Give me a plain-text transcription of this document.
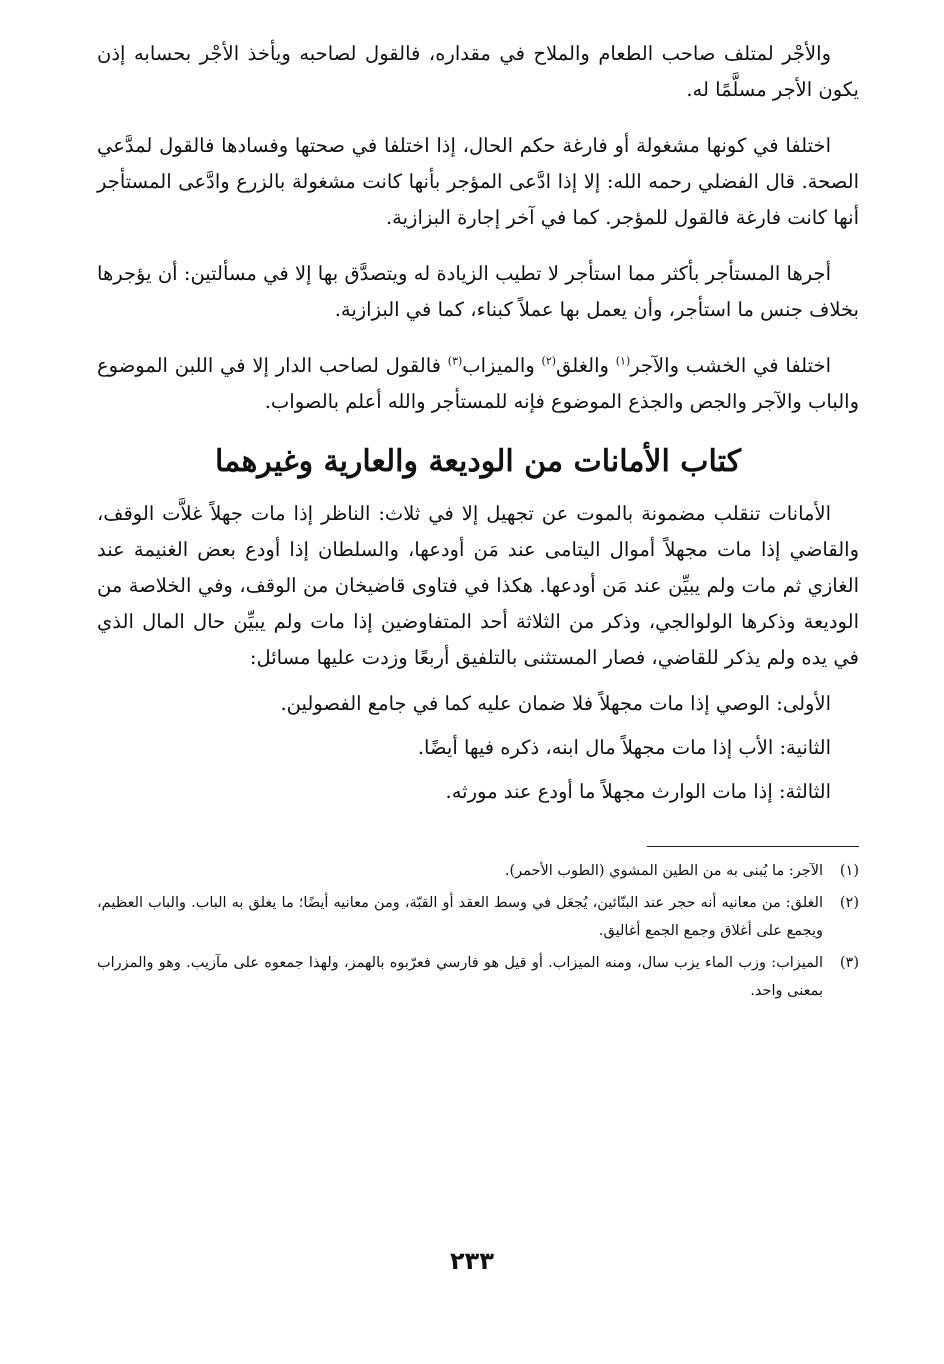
والأجْر لمتلف صاحب الطعام والملاح في مقداره، فالقول لصاحبه ويأخذ الأجْر بحسابه إذن يكون الأجر مسلَّمًا له.

اختلفا في كونها مشغولة أو فارغة حكم الحال، إذا اختلفا في صحتها وفسادها فالقول لمدَّعي الصحة. قال الفضلي رحمه الله: إلا إذا ادَّعى المؤجر بأنها كانت مشغولة بالزرع وادَّعى المستأجر أنها كانت فارغة فالقول للمؤجر. كما في آخر إجارة البزازية.

أجرها المستأجر بأكثر مما استأجر لا تطيب الزيادة له ويتصدَّق بها إلا في مسألتين: أن يؤجرها بخلاف جنس ما استأجر، وأن يعمل بها عملاً كبناء، كما في البزازية.

اختلفا في الخشب والآجر$^{(١)}$ والغلق$^{(٢)}$ والميزاب$^{(٣)}$ فالقول لصاحب الدار إلا في اللبن الموضوع والباب والآجر والجص والجذع الموضوع فإنه للمستأجر والله أعلم بالصواب.

كتاب الأمانات من الوديعة والعارية وغيرهما

الأمانات تنقلب مضمونة بالموت عن تجهيل إلا في ثلاث: الناظر إذا مات جهلاً غلاَّت الوقف، والقاضي إذا مات مجهلاً أموال اليتامى عند مَن أودعها، والسلطان إذا أودع بعض الغنيمة عند الغازي ثم مات ولم يبيِّن عند مَن أودعها. هكذا في فتاوى قاضيخان من الوقف، وفي الخلاصة من الوديعة وذكرها الولوالجي، وذكر من الثلاثة أحد المتفاوضين إذا مات ولم يبيِّن حال المال الذي في يده ولم يذكر للقاضي، فصار المستثنى بالتلفيق أربعًا وزدت عليها مسائل:

الأولى: الوصي إذا مات مجهلاً فلا ضمان عليه كما في جامع الفصولين.
الثانية: الأب إذا مات مجهلاً مال ابنه، ذكره فيها أيضًا.
الثالثة: إذا مات الوارث مجهلاً ما أودع عند مورثه.
(١)
الآجر: ما يُبنى به من الطين المشوي (الطوب الأحمر).
(٢)
الغلق: من معانيه أنه حجر عند البنّائين، يُجعَل في وسط العقد أو القبّة، ومن معانيه أيضًا؛ ما يغلق به الباب. والباب العظيم، ويجمع على أغلاق وجمع الجمع أغاليق.
(٣)
الميزاب: وزب الماء يزب سال، ومنه الميزاب. أو قيل هو فارسي فعرّبوه بالهمز، ولهذا جمعوه على مآزيب. وهو والمزراب بمعنى واحد.
٢٣٣
